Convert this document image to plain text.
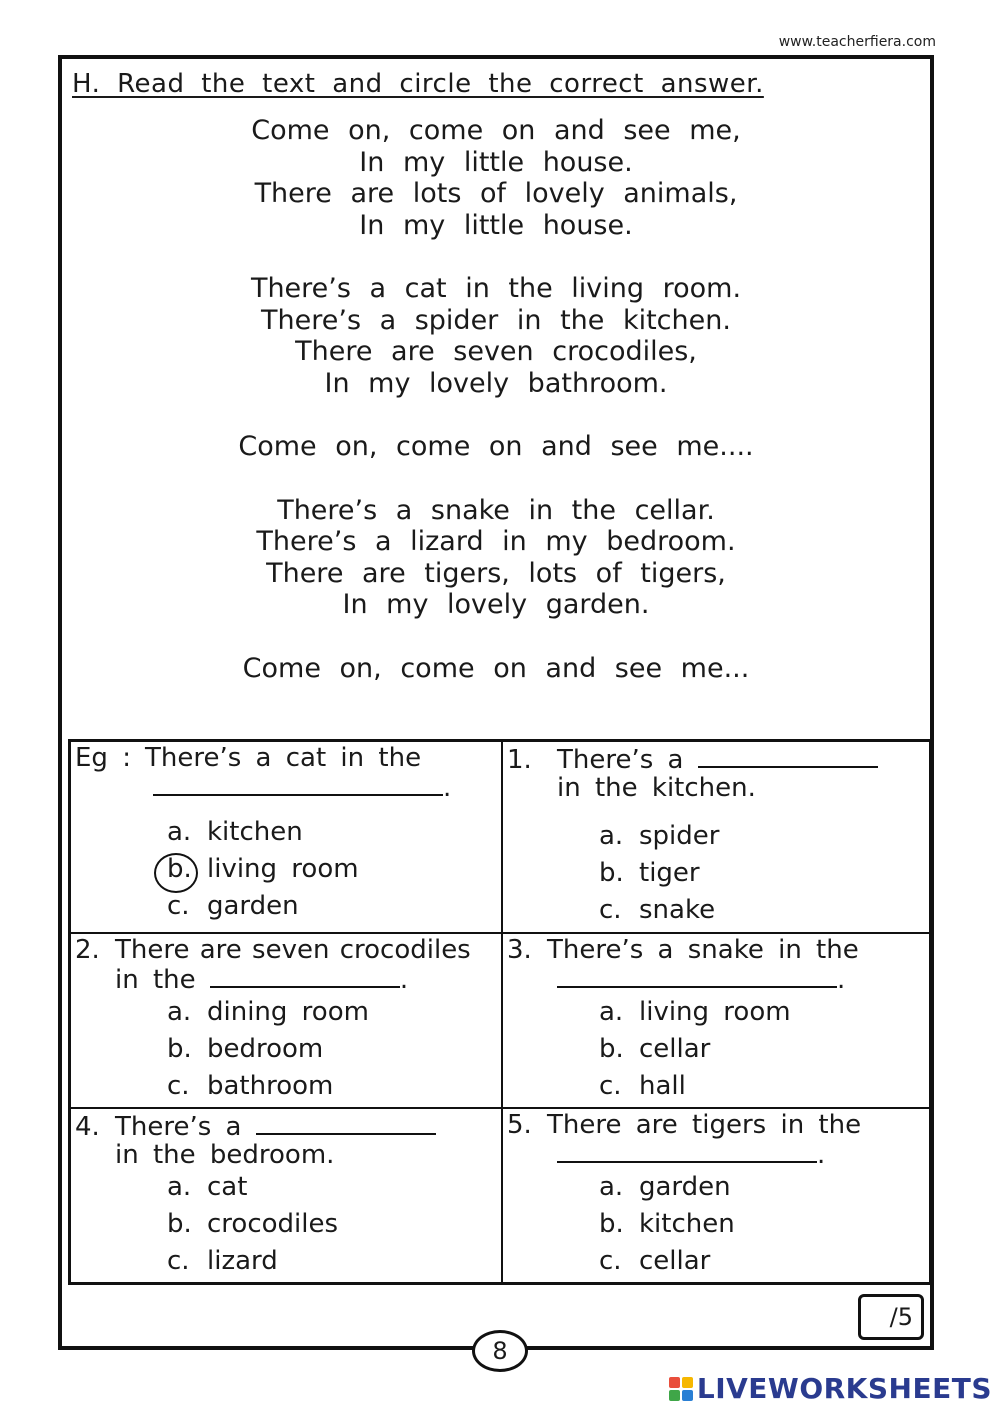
www.teacherfiera.com
H. Read the text and circle the correct answer.
Come on, come on and see me,
In my little house.
There are lots of lovely animals,
In my little house.
There’s a cat in the living room.
There’s a spider in the kitchen.
There are seven crocodiles,
In my lovely bathroom.
Come on, come on and see me....
There’s a snake in the cellar.
There’s a lizard in my bedroom.
There are tigers, lots of tigers,
In my lovely garden.
Come on, come on and see me...
Eg : There’s a cat in the
.
a. kitchen
b. living room
c. garden
1. There’s a
in the kitchen.
a. spider
b. tiger
c. snake
2. There are seven crocodiles
in the	.
a. dining room
b. bedroom
c. bathroom
3. There’s a snake in the
.
a. living room
b. cellar
c. hall
4. There’s a
in the bedroom.
a. cat
b. crocodiles
c. lizard
5. There are tigers in the
.
a. garden
b. kitchen
c. cellar
/5
8
LIVEWORKSHEETS
